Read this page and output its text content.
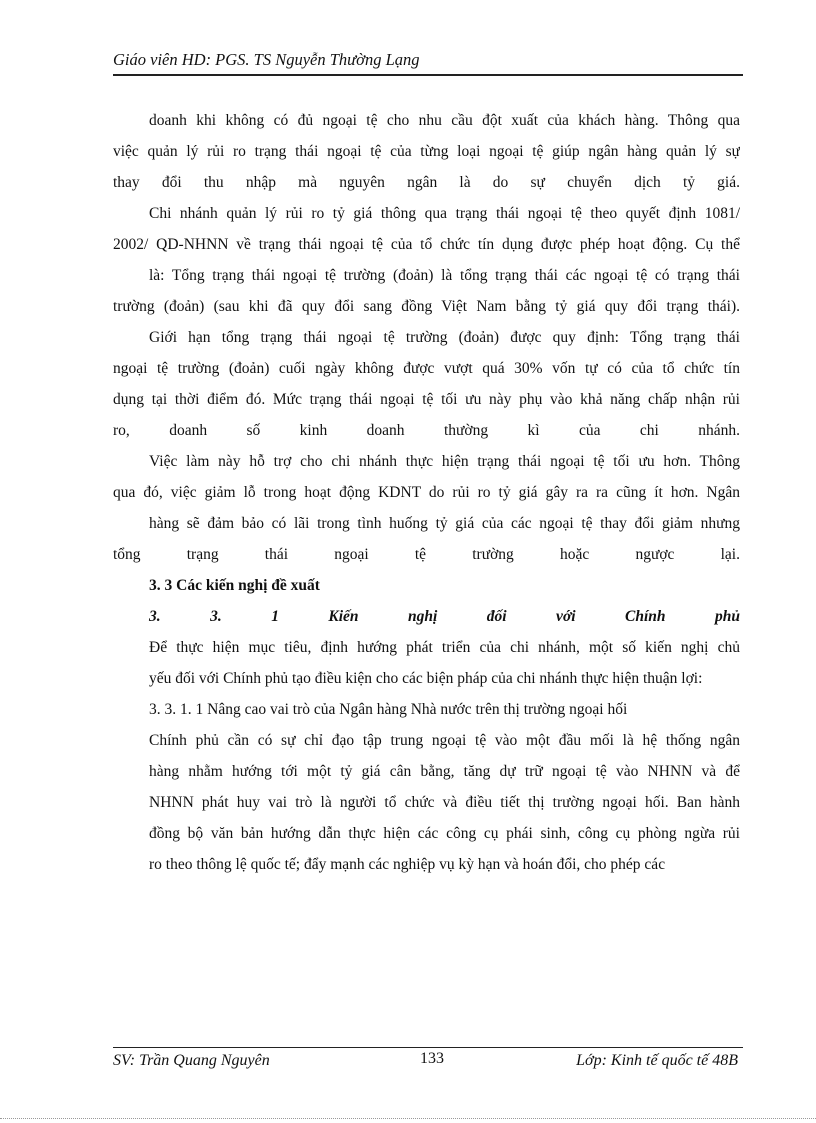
Giáo viên HD: PGS. TS Nguyễn Thường Lạng
doanh khi không có đủ ngoại tệ cho nhu cầu đột xuất của khách hàng. Thông qua
việc quản lý rủi ro trạng thái ngoại tệ của từng loại ngoại tệ giúp ngân hàng quản lý sự
thay đổi thu nhập mà nguyên ngân là do sự chuyển dịch tỷ giá.
Chi nhánh quản lý rủi ro tỷ giá thông qua trạng thái ngoại tệ theo quyết định 1081/
2002/ QD-NHNN về trạng thái ngoại tệ của tổ chức tín dụng được phép hoạt động. Cụ thể
là: Tổng trạng thái ngoại tệ trường (đoản) là tổng trạng thái các ngoại tệ có trạng thái
trường (đoản) (sau khi đã quy đổi sang đồng Việt Nam bằng tỷ giá quy đổi trạng thái).
Giới hạn tổng trạng thái ngoại tệ trường (đoản) được quy định: Tổng trạng thái
ngoại tệ trường (đoản) cuối ngày không được vượt quá 30% vốn tự có của tổ chức tín
dụng tại thời điểm đó. Mức trạng thái ngoại tệ tối ưu này phụ vào khả năng chấp nhận rủi
ro, doanh số kinh doanh thường kì của chi nhánh.
Việc làm này hỗ trợ cho chi nhánh thực hiện trạng thái ngoại tệ tối ưu hơn. Thông
qua đó, việc giảm lỗ trong hoạt động KDNT do rủi ro tỷ giá gây ra ra cũng ít hơn. Ngân
hàng sẽ đảm bảo có lãi trong tình huống tỷ giá của các ngoại tệ thay đổi giảm nhưng
tổng trạng thái ngoại tệ trường hoặc ngược lại.
3. 3 Các kiến nghị đề xuất
3. 3. 1 Kiến nghị đối với Chính phủ
Để thực hiện mục tiêu, định hướng phát triển của chi nhánh, một số kiến nghị chủ
yếu đối với Chính phủ tạo điều kiện cho các biện pháp của chi nhánh thực hiện thuận lợi:
3. 3. 1. 1 Nâng cao vai trò của Ngân hàng Nhà nước trên thị trường ngoại hối
Chính phủ cần có sự chỉ đạo tập trung ngoại tệ vào một đầu mối là hệ thống ngân
hàng nhằm hướng tới một tỷ giá cân bằng, tăng dự trữ ngoại tệ vào NHNN và để
NHNN phát huy vai trò là người tổ chức và điều tiết thị trường ngoại hối. Ban hành
đồng bộ văn bản hướng dẫn thực hiện các công cụ phái sinh, công cụ phòng ngừa rủi
ro theo thông lệ quốc tế; đẩy mạnh các nghiệp vụ kỳ hạn và hoán đổi, cho phép các
SV: Trần Quang Nguyên	133	Lớp: Kinh tế quốc tế 48B
